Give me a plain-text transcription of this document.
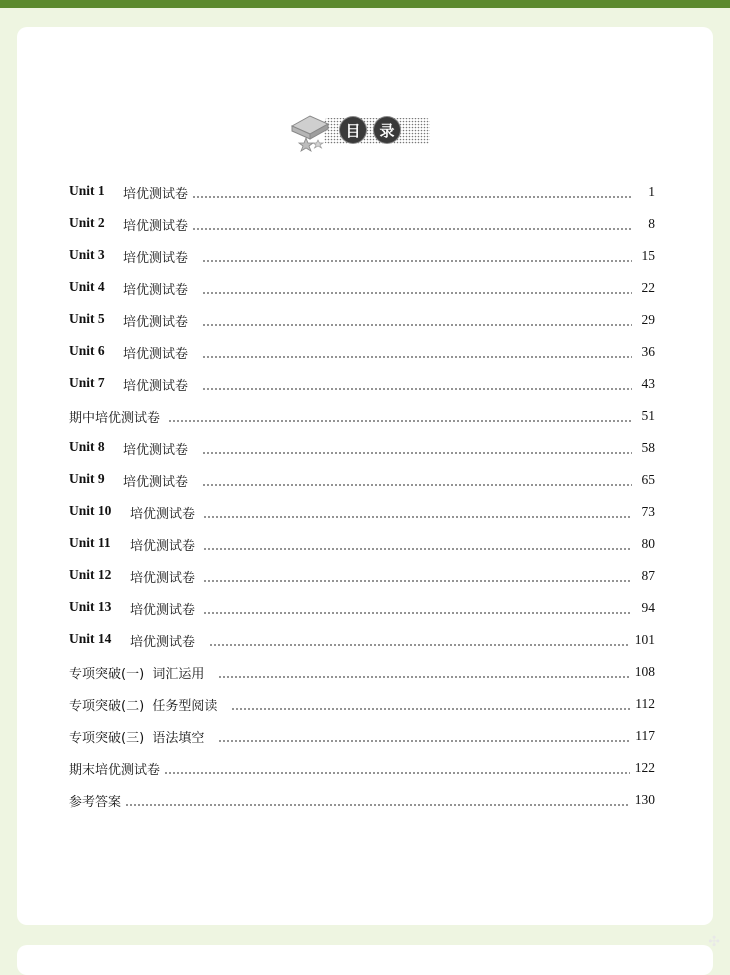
目	录
Unit 1	培优测试卷	1
Unit 2	培优测试卷	8
Unit 3	培优测试卷	15
Unit 4	培优测试卷	22
Unit 5	培优测试卷	29
Unit 6	培优测试卷	36
Unit 7	培优测试卷	43
期中培优测试卷	51
Unit 8	培优测试卷	58
Unit 9	培优测试卷	65
Unit 10	培优测试卷	73
Unit 11	培优测试卷	80
Unit 12	培优测试卷	87
Unit 13	培优测试卷	94
Unit 14	培优测试卷	101
专项突破(一)  词汇运用	108
专项突破(二)  任务型阅读	112
专项突破(三)  语法填空	117
期末培优测试卷	122
参考答案	130
✣
